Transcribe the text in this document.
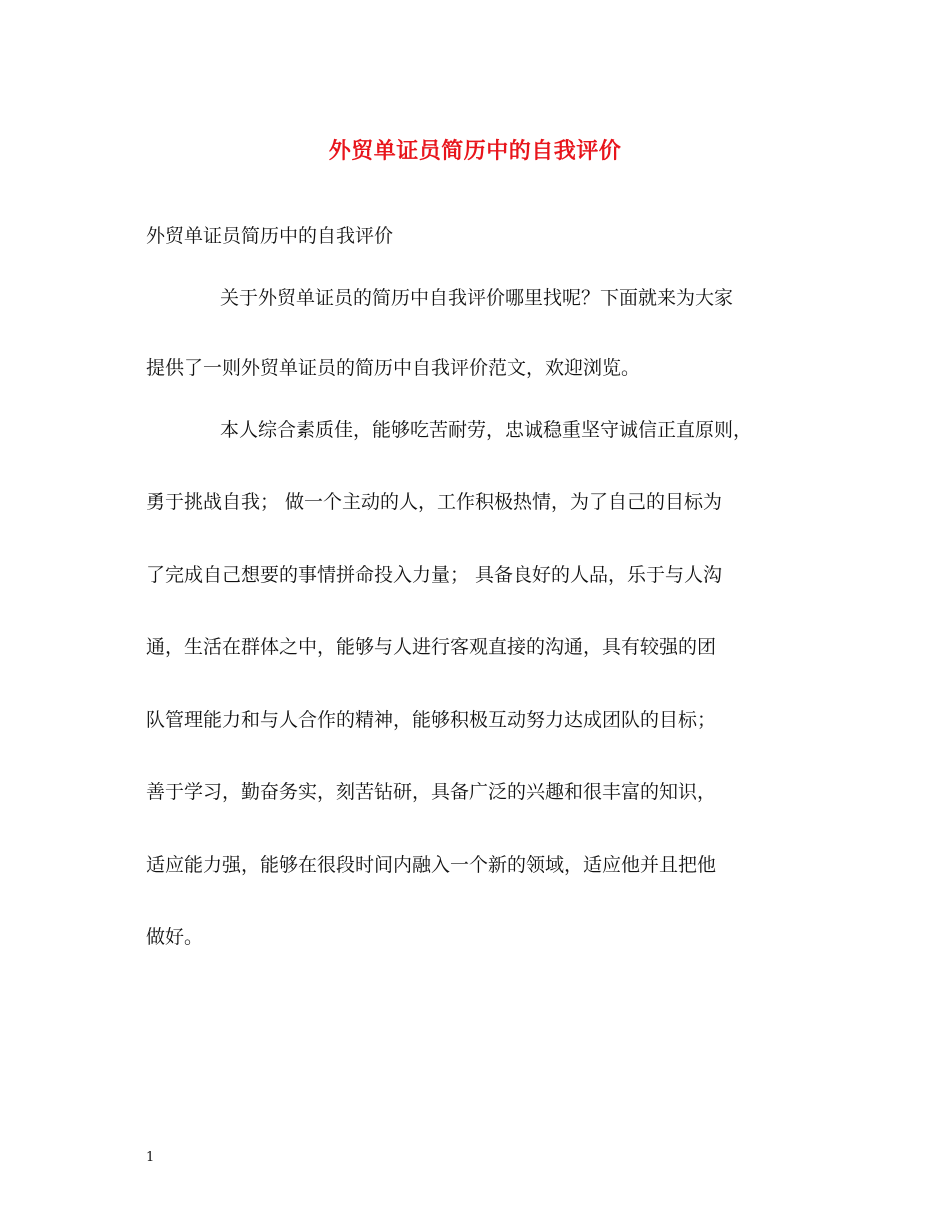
外贸单证员简历中的自我评价
外贸单证员简历中的自我评价
关于外贸单证员的简历中自我评价哪里找呢？下面就来为大家
提供了一则外贸单证员的简历中自我评价范文，欢迎浏览。
本人综合素质佳，能够吃苦耐劳，忠诚稳重坚守诚信正直原则，
勇于挑战自我； 做一个主动的人，工作积极热情，为了自己的目标为
了完成自己想要的事情拼命投入力量； 具备良好的人品，乐于与人沟
通，生活在群体之中，能够与人进行客观直接的沟通，具有较强的团
队管理能力和与人合作的精神，能够积极互动努力达成团队的目标；
善于学习，勤奋务实，刻苦钻研，具备广泛的兴趣和很丰富的知识，
适应能力强，能够在很段时间内融入一个新的领域，适应他并且把他
做好。
1
